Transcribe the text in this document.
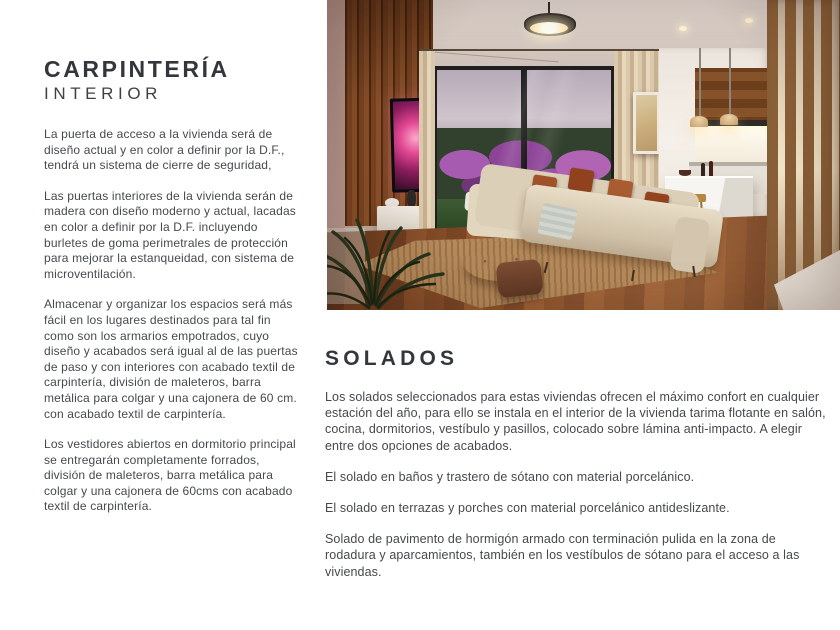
CARPINTERÍA
INTERIOR

La puerta de acceso a la vivienda será de diseño actual y en color a definir por la D.F., tendrá un sistema de cierre de seguridad,

Las puertas interiores de la vivienda serán de madera con diseño moderno y actual, lacadas en color a definir por la D.F. incluyendo burletes de goma perimetrales de protección para mejorar la estanqueidad, con sistema de microventilación.

Almacenar y organizar los espacios será más fácil en los lugares destinados para tal fin como son los armarios empotrados, cuyo diseño y acabados será igual al de las puertas de paso y con interiores con acabado textil de carpintería, división de maleteros, barra metálica para colgar y una cajonera de 60 cm. con acabado textil de carpintería.

Los vestidores abiertos en dormitorio principal se entregarán completamente forrados, división de maleteros, barra metálica para colgar y una cajonera de 60cms con acabado textil de carpintería.

SOLADOS

Los solados seleccionados para estas viviendas ofrecen el máximo confort en cualquier estación del año, para ello se instala en el interior de la vivienda tarima flotante en salón, cocina, dormitorios, vestíbulo y pasillos, colocado sobre lámina anti-impacto. A elegir entre dos opciones de acabados.

El solado en baños y trastero de sótano con material porcelánico.

El solado en terrazas y porches con material porcelánico antideslizante.

Solado de pavimento de hormigón armado con terminación pulida en la zona de rodadura y aparcamientos, también en los vestíbulos de sótano para el acceso a las viviendas.
